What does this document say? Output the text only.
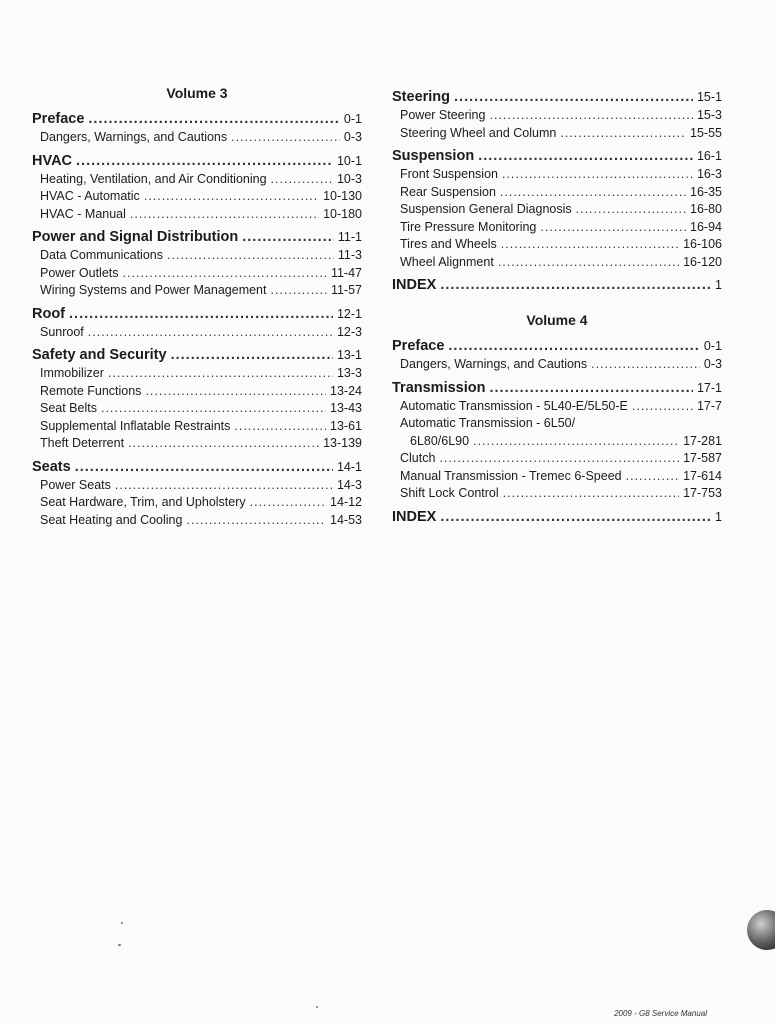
Volume 3
Preface .....	0-1
Dangers, Warnings, and Cautions .....	0-3
HVAC .....	10-1
Heating, Ventilation, and Air Conditioning .....	10-3
HVAC - Automatic .....	10-130
HVAC - Manual .....	10-180
Power and Signal Distribution .....	11-1
Data Communications .....	11-3
Power Outlets .....	11-47
Wiring Systems and Power Management .....	11-57
Roof .....	12-1
Sunroof .....	12-3
Safety and Security .....	13-1
Immobilizer .....	13-3
Remote Functions .....	13-24
Seat Belts .....	13-43
Supplemental Inflatable Restraints .....	13-61
Theft Deterrent .....	13-139
Seats .....	14-1
Power Seats .....	14-3
Seat Hardware, Trim, and Upholstery .....	14-12
Seat Heating and Cooling .....	14-53
Steering .....	15-1
Power Steering .....	15-3
Steering Wheel and Column .....	15-55
Suspension .....	16-1
Front Suspension .....	16-3
Rear Suspension .....	16-35
Suspension General Diagnosis .....	16-80
Tire Pressure Monitoring .....	16-94
Tires and Wheels .....	16-106
Wheel Alignment .....	16-120
INDEX .....	1
Volume 4
Preface .....	0-1
Dangers, Warnings, and Cautions .....	0-3
Transmission .....	17-1
Automatic Transmission - 5L40-E/5L50-E .....	17-7
Automatic Transmission - 6L50/
6L80/6L90 .....	17-281
Clutch .....	17-587
Manual Transmission - Tremec 6-Speed .....	17-614
Shift Lock Control .....	17-753
INDEX .....	1
2009 - G8 Service Manual
